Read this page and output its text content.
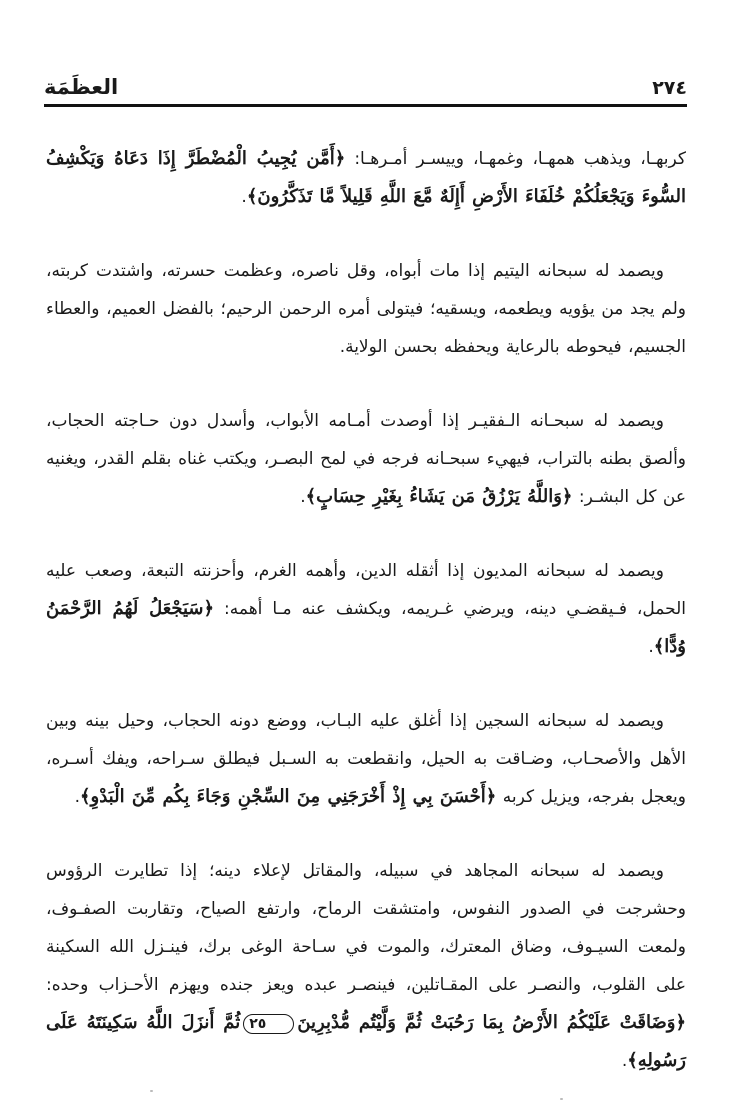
٢٧٤
العظَمَة

كربهـا، ويذهب همهـا، وغمهـا، وييسـر أمـرهـا: ﴿أَمَّن يُجِيبُ الْمُضْطَرَّ إِذَا دَعَاهُ وَيَكْشِفُ السُّوءَ وَيَجْعَلُكُمْ خُلَفَاءَ الأَرْضِ أَإِلَهٌ مَّعَ اللَّهِ قَلِيلاً مَّا تَذَكَّرُونَ﴾.

ويصمد له سبحانه اليتيم إذا مات أبواه، وقل ناصره، وعظمت حسرته، واشتدت كربته، ولم يجد من يؤويه ويطعمه، ويسقيه؛ فيتولى أمره الرحمن الرحيم؛ بالفضل العميم، والعطاء الجسيم، فيحوطه بالرعاية ويحفظه بحسن الولاية.

ويصمد له سبحـانه الـفقيـر إذا أوصدت أمـامه الأبواب، وأسدل دون حـاجته الحجاب، وألصق بطنه بالتراب، فيهيء سبحـانه فرجه في لمح البصـر، ويكتب غناه بقلم القدر، ويغنيه عن كل البشـر: ﴿وَاللَّهُ يَرْزُقُ مَن يَشَاءُ بِغَيْرِ حِسَابٍ﴾.

ويصمد له سبحانه المديون إذا أثقله الدين، وأهمه الغرم، وأحزنته التبعة، وصعب عليه الحمل، فـيقضـي دينه، ويرضي غـريمه، ويكشف عنه مـا أهمه: ﴿سَيَجْعَلُ لَهُمُ الرَّحْمَنُ وُدًّا﴾.

ويصمد له سبحانه السجين إذا أغلق عليه البـاب، ووضع دونه الحجاب، وحيل بينه وبين الأهل والأصحـاب، وضـاقت به الحيل، وانقطعت به السـبل فيطلق سـراحه، ويفك أسـره، ويعجل بفرجه، ويزيل كربه ﴿أَحْسَنَ بِي إِذْ أَخْرَجَنِي مِنَ السِّجْنِ وَجَاءَ بِكُم مِّنَ الْبَدْوِ﴾.

ويصمد له سبحانه المجاهد في سبيله، والمقاتل لإعلاء دينه؛ إذا تطايرت الرؤوس وحشرجت في الصدور النفوس، وامتشقت الرماح، وارتفع الصياح، وتقاربت الصفـوف، ولمعت السيـوف، وضاق المعترك، والموت في سـاحة الوغى برك، فينـزل الله السكينة على القلوب، والنصـر على المقـاتلين، فينصـر عبده ويعز جنده ويهزم الأحـزاب وحده: ﴿وَضَاقَتْ عَلَيْكُمُ الأَرْضُ بِمَا رَحُبَتْ ثُمَّ وَلَّيْتُم مُّدْبِرِينَ٢٥ثُمَّ أَنزَلَ اللَّهُ سَكِينَتَهُ عَلَى رَسُولِهِ﴾.
